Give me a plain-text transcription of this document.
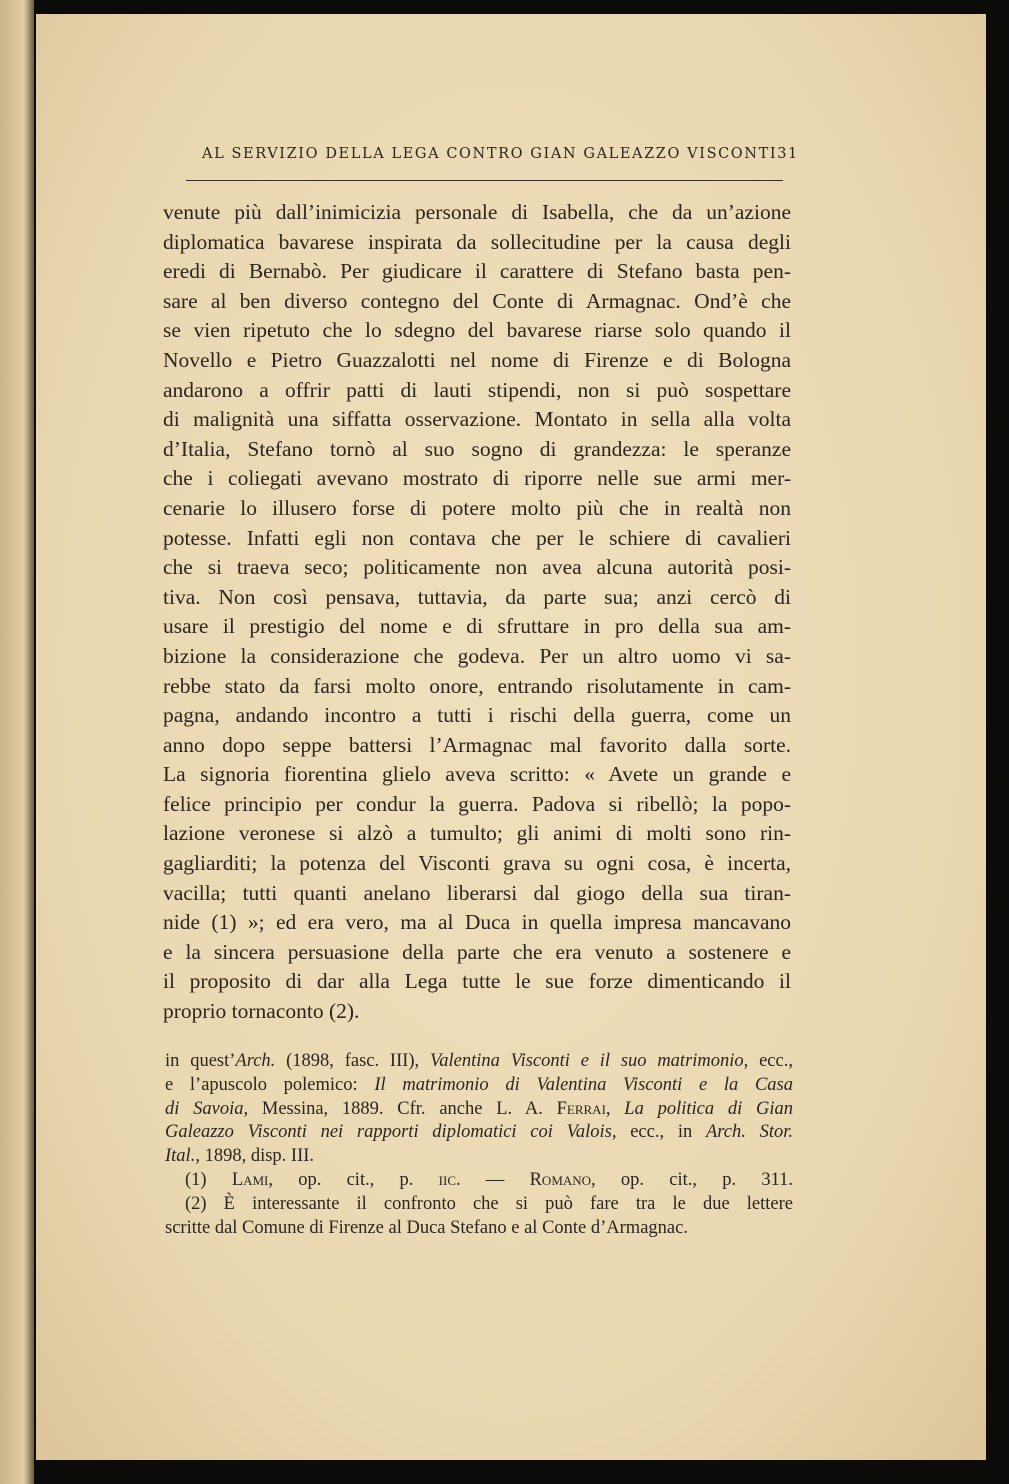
AL SERVIZIO DELLA LEGA CONTRO GIAN GALEAZZO VISCONTI 31
venute più dall’inimicizia personale di Isabella, che da un’azione
diplomatica bavarese inspirata da sollecitudine per la causa degli
eredi di Bernabò. Per giudicare il carattere di Stefano basta pen-
sare al ben diverso contegno del Conte di Armagnac. Ond’è che
se vien ripetuto che lo sdegno del bavarese riarse solo quando il
Novello e Pietro Guazzalotti nel nome di Firenze e di Bologna
andarono a offrir patti di lauti stipendi, non si può sospettare
di malignità una siffatta osservazione. Montato in sella alla volta
d’Italia, Stefano tornò al suo sogno di grandezza: le speranze
che i coliegati avevano mostrato di riporre nelle sue armi mer-
cenarie lo illusero forse di potere molto più che in realtà non
potesse. Infatti egli non contava che per le schiere di cavalieri
che si traeva seco; politicamente non avea alcuna autorità posi-
tiva. Non così pensava, tuttavia, da parte sua; anzi cercò di
usare il prestigio del nome e di sfruttare in pro della sua am-
bizione la considerazione che godeva. Per un altro uomo vi sa-
rebbe stato da farsi molto onore, entrando risolutamente in cam-
pagna, andando incontro a tutti i rischi della guerra, come un
anno dopo seppe battersi l’Armagnac mal favorito dalla sorte.
La signoria fiorentina glielo aveva scritto: « Avete un grande e
felice principio per condur la guerra. Padova si ribellò; la popo-
lazione veronese si alzò a tumulto; gli animi di molti sono rin-
gagliarditi; la potenza del Visconti grava su ogni cosa, è incerta,
vacilla; tutti quanti anelano liberarsi dal giogo della sua tiran-
nide (1) »; ed era vero, ma al Duca in quella impresa mancavano
e la sincera persuasione della parte che era venuto a sostenere e
il proposito di dar alla Lega tutte le sue forze dimenticando il
proprio tornaconto (2).
in quest’Arch. (1898, fasc. III), Valentina Visconti e il suo matrimonio, ecc.,
e l’apuscolo polemico: Il matrimonio di Valentina Visconti e la Casa
di Savoia, Messina, 1889. Cfr. anche L. A. Ferrai, La politica di Gian
Galeazzo Visconti nei rapporti diplomatici coi Valois, ecc., in Arch. Stor.
Ital., 1898, disp. III.
(1) Lami, op. cit., p. iic. — Romano, op. cit., p. 311.
(2) È interessante il confronto che si può fare tra le due lettere
scritte dal Comune di Firenze al Duca Stefano e al Conte d’Armagnac.
